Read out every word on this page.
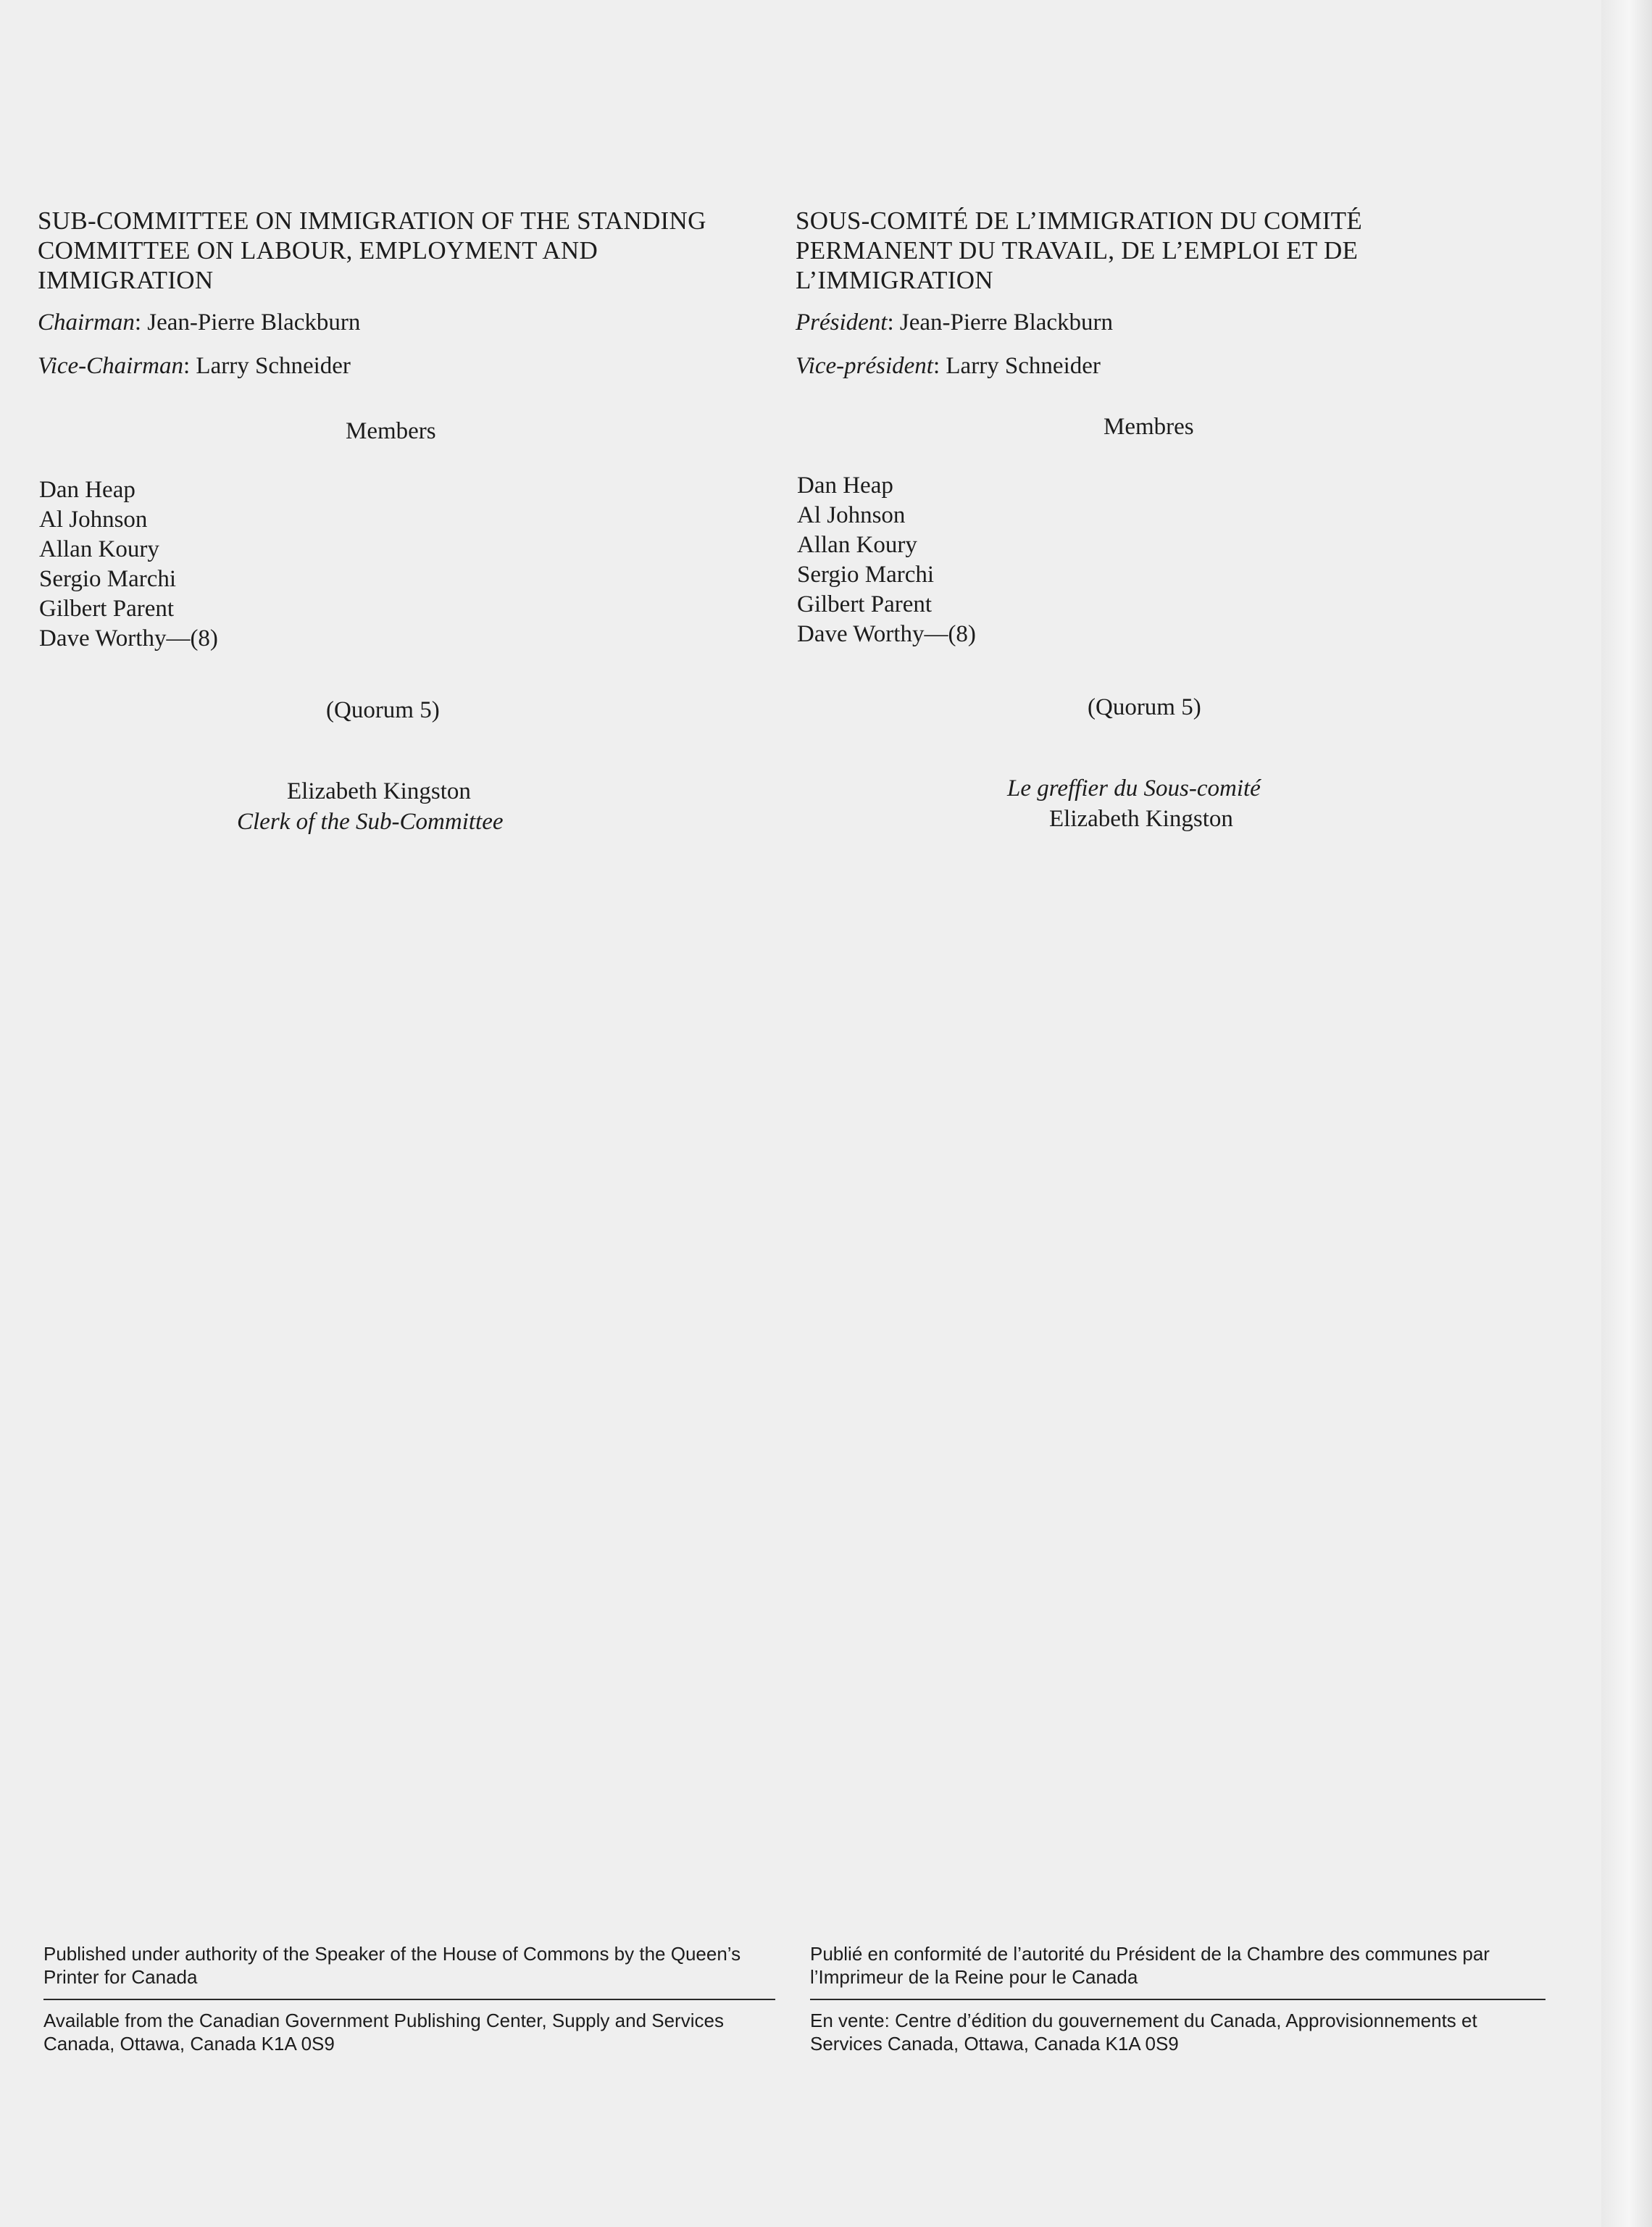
SUB-COMMITTEE ON IMMIGRATION OF THE STANDING COMMITTEE ON LABOUR, EMPLOYMENT AND IMMIGRATION

Chairman: Jean-Pierre Blackburn

Vice-Chairman: Larry Schneider

Members

Dan Heap
Al Johnson
Allan Koury
Sergio Marchi
Gilbert Parent
Dave Worthy—(8)

(Quorum 5)

Elizabeth Kingston
Clerk of the Sub-Committee
SOUS-COMITÉ DE L’IMMIGRATION DU COMITÉ PERMANENT DU TRAVAIL, DE L’EMPLOI ET DE L’IMMIGRATION

Président: Jean-Pierre Blackburn

Vice-président: Larry Schneider

Membres

Dan Heap
Al Johnson
Allan Koury
Sergio Marchi
Gilbert Parent
Dave Worthy—(8)

(Quorum 5)

Le greffier du Sous-comité
Elizabeth Kingston

Published under authority of the Speaker of the House of Commons by the Queen’s Printer for Canada

Available from the Canadian Government Publishing Center, Supply and Services Canada, Ottawa, Canada K1A 0S9

Publié en conformité de l’autorité du Président de la Chambre des communes par l’Imprimeur de la Reine pour le Canada

En vente: Centre d’édition du gouvernement du Canada, Approvisionnements et Services Canada, Ottawa, Canada K1A 0S9
